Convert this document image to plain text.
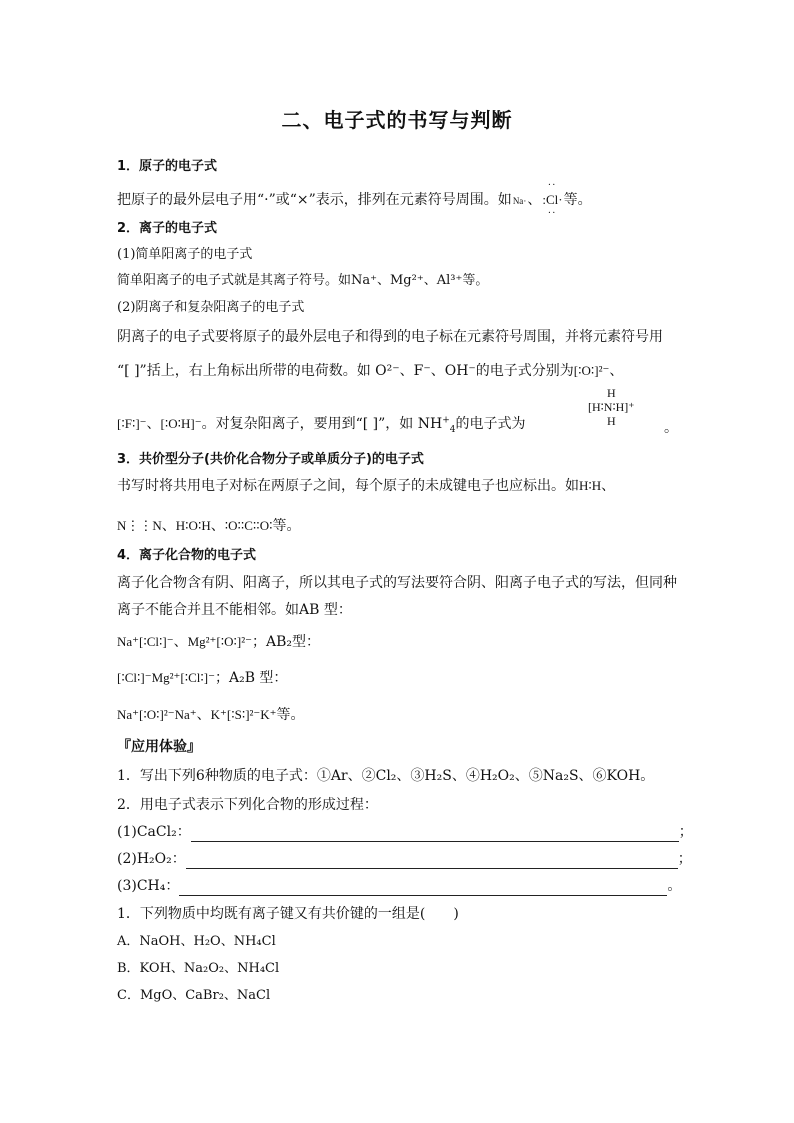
二、电子式的书写与判断
1．原子的电子式
把原子的最外层电子用“·”或“×”表示，排列在元素符号周围。如Na·、:
··
Cl
··
·等。
2．离子的电子式
(1)简单阳离子的电子式
简单阳离子的电子式就是其离子符号。如Na⁺、Mg²⁺、Al³⁺等。
(2)阴离子和复杂阳离子的电子式
阴离子的电子式要将原子的最外层电子和得到的电子标在元素符号周围，并将元素符号用
“[ ]”括上，右上角标出所带的电荷数。如 O²⁻、F⁻、OH⁻的电子式分别为[∶O∶]²⁻、
[∶F∶]⁻、[∶O∶H]⁻。对复杂阳离子，要用到“[ ]”，如 $NH^+_4$的电子式为
H
[H∶N∶H]⁺
H	。
3．共价型分子(共价化合物分子或单质分子)的电子式
书写时将共用电子对标在两原子之间，每个原子的未成键电子也应标出。如H∶H、
N⋮⋮N、H∶O∶H、∶O∶∶C∶∶O∶等。
4．离子化合物的电子式
离子化合物含有阴、阳离子，所以其电子式的写法要符合阴、阳离子电子式的写法，但同种
离子不能合并且不能相邻。如AB 型：
Na⁺[∶Cl∶]⁻、Mg²⁺[∶O∶]²⁻；AB₂型：
[∶Cl∶]⁻Mg²⁺[∶Cl∶]⁻；A₂B 型：
Na⁺[∶O∶]²⁻Na⁺、K⁺[∶S∶]²⁻K⁺等。
『应用体验』
1．写出下列6种物质的电子式：①Ar、②Cl₂、③H₂S、④H₂O₂、⑤Na₂S、⑥KOH。
2．用电子式表示下列化合物的形成过程：
(1)CaCl₂：	；
(2)H₂O₂：	；
(3)CH₄：	。
1．下列物质中均既有离子键又有共价键的一组是(　　)
A．NaOH、H₂O、NH₄Cl
B．KOH、Na₂O₂、NH₄Cl
C．MgO、CaBr₂、NaCl
